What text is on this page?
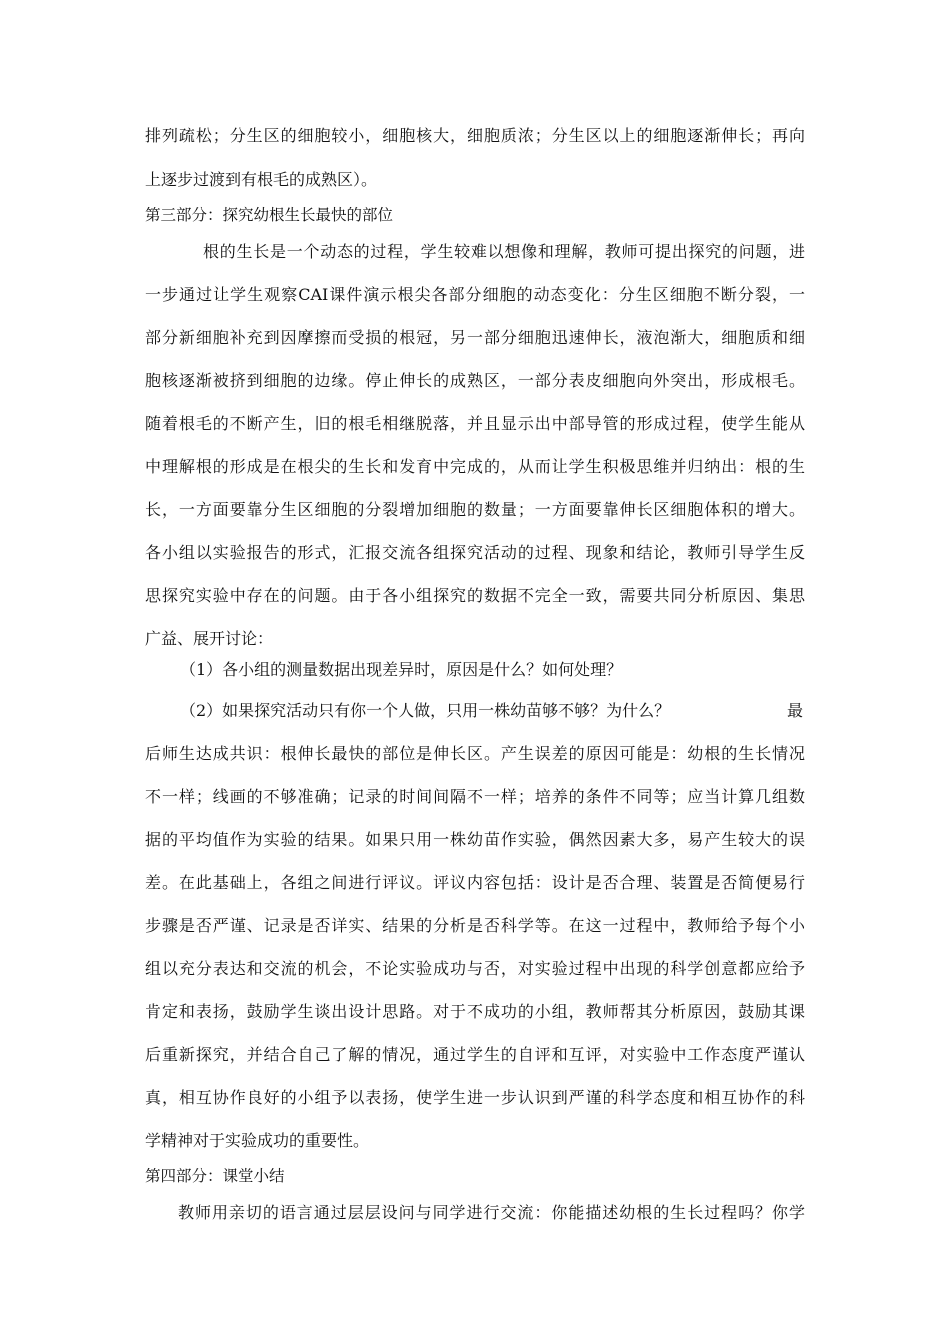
排列疏松；分生区的细胞较小，细胞核大，细胞质浓；分生区以上的细胞逐渐伸长；再向
上逐步过渡到有根毛的成熟区）。
第三部分：探究幼根生长最快的部位
根的生长是一个动态的过程，学生较难以想像和理解，教师可提出探究的问题，进
一步通过让学生观察CAI课件演示根尖各部分细胞的动态变化：分生区细胞不断分裂，一
部分新细胞补充到因摩擦而受损的根冠，另一部分细胞迅速伸长，液泡渐大，细胞质和细
胞核逐渐被挤到细胞的边缘。停止伸长的成熟区，一部分表皮细胞向外突出，形成根毛。
随着根毛的不断产生，旧的根毛相继脱落，并且显示出中部导管的形成过程，使学生能从
中理解根的形成是在根尖的生长和发育中完成的，从而让学生积极思维并归纳出：根的生
长，一方面要靠分生区细胞的分裂增加细胞的数量；一方面要靠伸长区细胞体积的增大。
各小组以实验报告的形式，汇报交流各组探究活动的过程、现象和结论，教师引导学生反
思探究实验中存在的问题。由于各小组探究的数据不完全一致，需要共同分析原因、集思
广益、展开讨论：
（1）各小组的测量数据出现差异时，原因是什么？如何处理？
（2）如果探究活动只有你一个人做，只用一株幼苗够不够？为什么？	最
后师生达成共识：根伸长最快的部位是伸长区。产生误差的原因可能是：幼根的生长情况
不一样；线画的不够准确；记录的时间间隔不一样；培养的条件不同等；应当计算几组数
据的平均值作为实验的结果。如果只用一株幼苗作实验，偶然因素大多，易产生较大的误
差。在此基础上，各组之间进行评议。评议内容包括：设计是否合理、装置是否简便易行
步骤是否严谨、记录是否详实、结果的分析是否科学等。在这一过程中，教师给予每个小
组以充分表达和交流的机会，不论实验成功与否，对实验过程中出现的科学创意都应给予
肯定和表扬，鼓励学生谈出设计思路。对于不成功的小组，教师帮其分析原因，鼓励其课
后重新探究，并结合自己了解的情况，通过学生的自评和互评，对实验中工作态度严谨认
真，相互协作良好的小组予以表扬，使学生进一步认识到严谨的科学态度和相互协作的科
学精神对于实验成功的重要性。
第四部分：课堂小结
教师用亲切的语言通过层层设问与同学进行交流：你能描述幼根的生长过程吗？你学
